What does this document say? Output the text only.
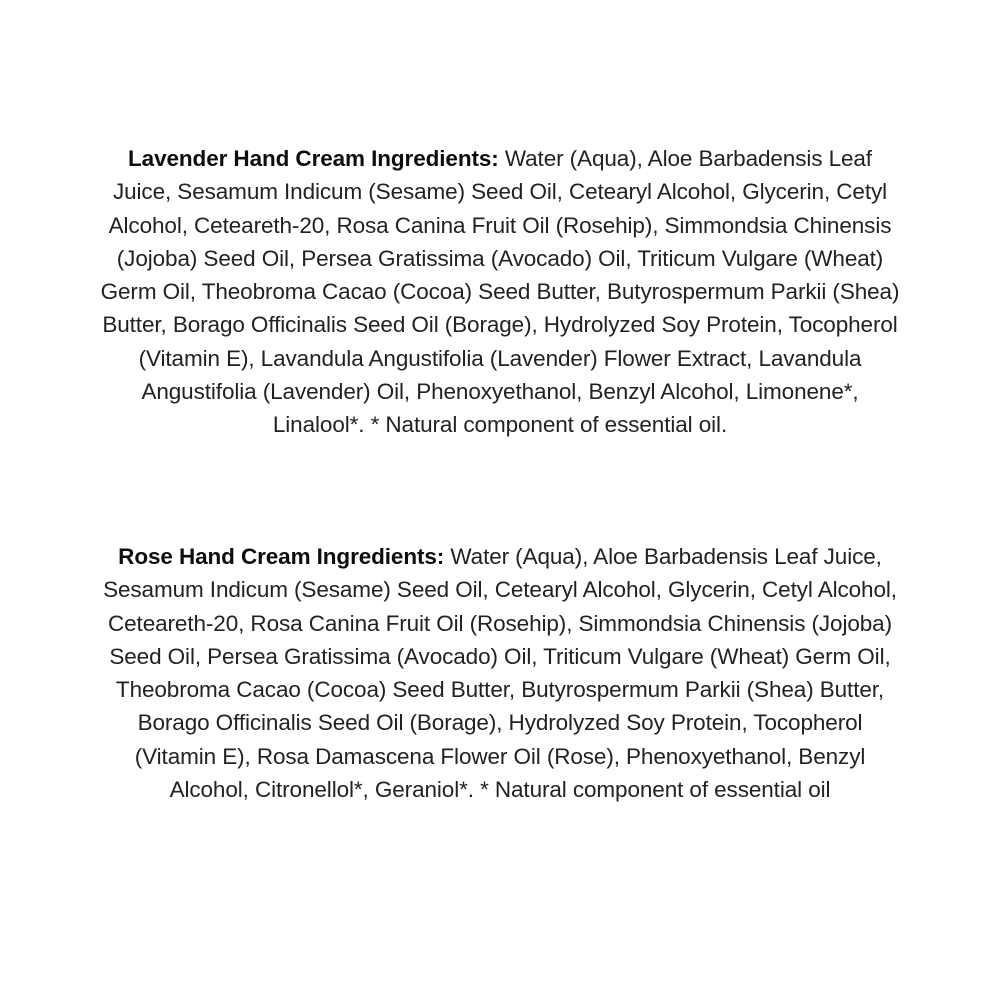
Lavender Hand Cream Ingredients: Water (Aqua), Aloe Barbadensis Leaf Juice, Sesamum Indicum (Sesame) Seed Oil, Cetearyl Alcohol, Glycerin, Cetyl Alcohol, Ceteareth-20, Rosa Canina Fruit Oil (Rosehip), Simmondsia Chinensis (Jojoba) Seed Oil, Persea Gratissima (Avocado) Oil, Triticum Vulgare (Wheat) Germ Oil, Theobroma Cacao (Cocoa) Seed Butter, Butyrospermum Parkii (Shea) Butter, Borago Officinalis Seed Oil (Borage), Hydrolyzed Soy Protein, Tocopherol (Vitamin E), Lavandula Angustifolia (Lavender) Flower Extract, Lavandula Angustifolia (Lavender) Oil, Phenoxyethanol, Benzyl Alcohol, Limonene*, Linalool*. * Natural component of essential oil.

Rose Hand Cream Ingredients: Water (Aqua), Aloe Barbadensis Leaf Juice, Sesamum Indicum (Sesame) Seed Oil, Cetearyl Alcohol, Glycerin, Cetyl Alcohol, Ceteareth-20, Rosa Canina Fruit Oil (Rosehip), Simmondsia Chinensis (Jojoba) Seed Oil, Persea Gratissima (Avocado) Oil, Triticum Vulgare (Wheat) Germ Oil, Theobroma Cacao (Cocoa) Seed Butter, Butyrospermum Parkii (Shea) Butter, Borago Officinalis Seed Oil (Borage), Hydrolyzed Soy Protein, Tocopherol (Vitamin E), Rosa Damascena Flower Oil (Rose), Phenoxyethanol, Benzyl Alcohol, Citronellol*, Geraniol*. * Natural component of essential oil
